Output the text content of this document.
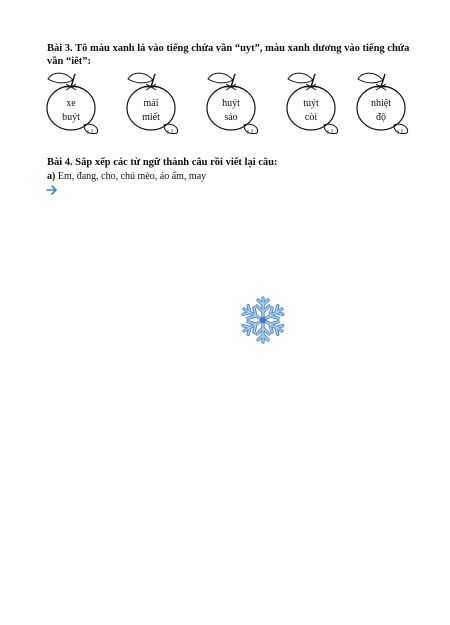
Bài 3. Tô màu xanh lá vào tiếng chứa vần “uyt”, màu xanh dương vào tiếng chứa vần “iêt”:

xe
buýt
mải
miết
huýt
sáo
tuýt
còi
nhiệt
độ

Bài 4. Sắp xếp các từ ngữ thành câu rồi viết lại câu:

a) Em, đang, cho, chú mèo, áo ấm, may
